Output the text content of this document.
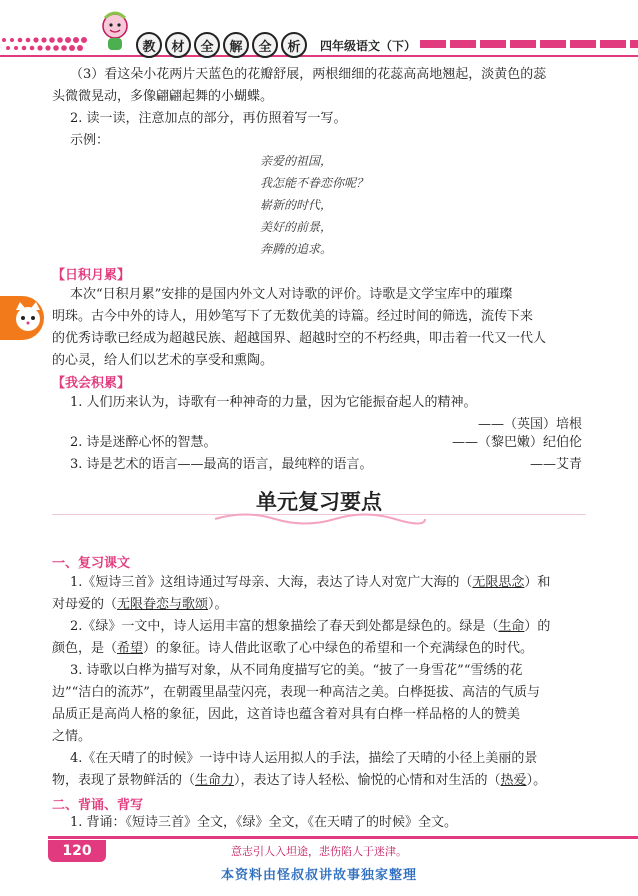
教	材	全	解	全	析	四年级语文（下）
（3）看这朵小花两片天蓝色的花瓣舒展，两根细细的花蕊高高地翘起，淡黄色的蕊
头微微晃动，多像翩翩起舞的小蝴蝶。
2. 读一读，注意加点的部分，再仿照着写一写。
示例：
亲爱的祖国，
我怎能不眷恋你呢？
崭新的时代，
美好的前景，
奔腾的追求。
【日积月累】
本次“日积月累”安排的是国内外文人对诗歌的评价。诗歌是文学宝库中的璀璨
明珠。古今中外的诗人，用妙笔写下了无数优美的诗篇。经过时间的筛选，流传下来
的优秀诗歌已经成为超越民族、超越国界、超越时空的不朽经典，叩击着一代又一代人
的心灵，给人们以艺术的享受和熏陶。
【我会积累】
1. 人们历来认为，诗歌有一种神奇的力量，因为它能振奋起人的精神。
——（英国）培根
2. 诗是迷醉心怀的智慧。	——（黎巴嫩）纪伯伦
3. 诗是艺术的语言——最高的语言，最纯粹的语言。	——艾青
单元复习要点
一、复习课文
1.《短诗三首》这组诗通过写母亲、大海，表达了诗人对宽广大海的（无限思念）和
对母爱的（无限眷恋与歌颂）。
2.《绿》一文中，诗人运用丰富的想象描绘了春天到处都是绿色的。绿是（生命）的
颜色，是（希望）的象征。诗人借此讴歌了心中绿色的希望和一个充满绿色的时代。
3. 诗歌以白桦为描写对象，从不同角度描写它的美。“披了一身雪花”“雪绣的花
边”“洁白的流苏”，在朝霞里晶莹闪亮，表现一种高洁之美。白桦挺拔、高洁的气质与
品质正是高尚人格的象征，因此，这首诗也蕴含着对具有白桦一样品格的人的赞美
之情。
4.《在天晴了的时候》一诗中诗人运用拟人的手法，描绘了天晴的小径上美丽的景
物，表现了景物鲜活的（生命力），表达了诗人轻松、愉悦的心情和对生活的（热爱）。
二、背诵、背写
1. 背诵：《短诗三首》全文，《绿》全文，《在天晴了的时候》全文。
120	意志引人入坦途，悲伤陷人于迷津。
本资料由怪叔叔讲故事独家整理
